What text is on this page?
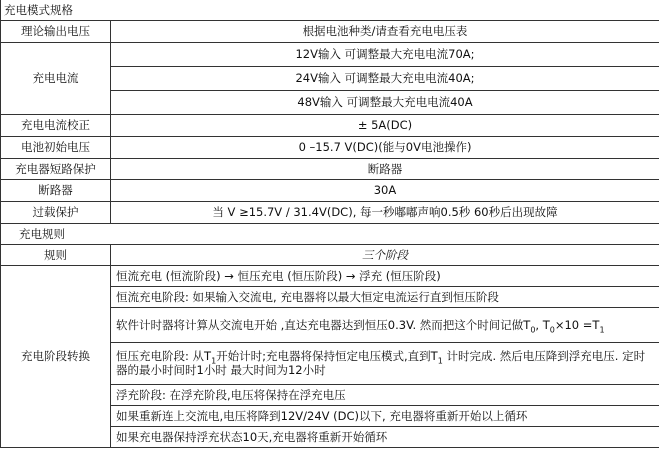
充电模式规格	
理论输出电压	根据电池种类/请查看充电电压表
充电电流	12V输入 可调整最大充电电流70A;
	24V输入 可调整最大充电电流40A;
	48V输入 可调整最大充电电流40A
充电电流校正	± 5A(DC)
电池初始电压	0 –15.7 V(DC)(能与0V电池操作)
充电器短路保护	断路器
断路器	30A
过载保护	当 V ≥15.7V / 31.4V(DC), 每一秒嘟嘟声响0.5秒 60秒后出现故障
充电规则	
规则	三个阶段
充电阶段转换	恒流充电 (恒流阶段) → 恒压充电 (恒压阶段) → 浮充 (恒压阶段)
	恒流充电阶段: 如果输入交流电, 充电器将以最大恒定电流运行直到恒压阶段
	软件计时器将计算从交流电开始 ,直达充电器达到恒压0.3V. 然而把这个时间记做$T_0$, $T_0\times 10 =T_1$
	恒压充电阶段: 从$T_1$开始计时;充电器将保持恒定电压模式,直到$T_1$ 计时完成. 然后电压降到浮充电压. 定时器的最小时间时1小时 最大时间为12小时
	浮充阶段: 在浮充阶段,电压将保持在浮充电压
	如果重新连上交流电,电压将降到12V/24V (DC)以下, 充电器将重新开始以上循环
	如果充电器保持浮充状态10天,充电器将重新开始循环
